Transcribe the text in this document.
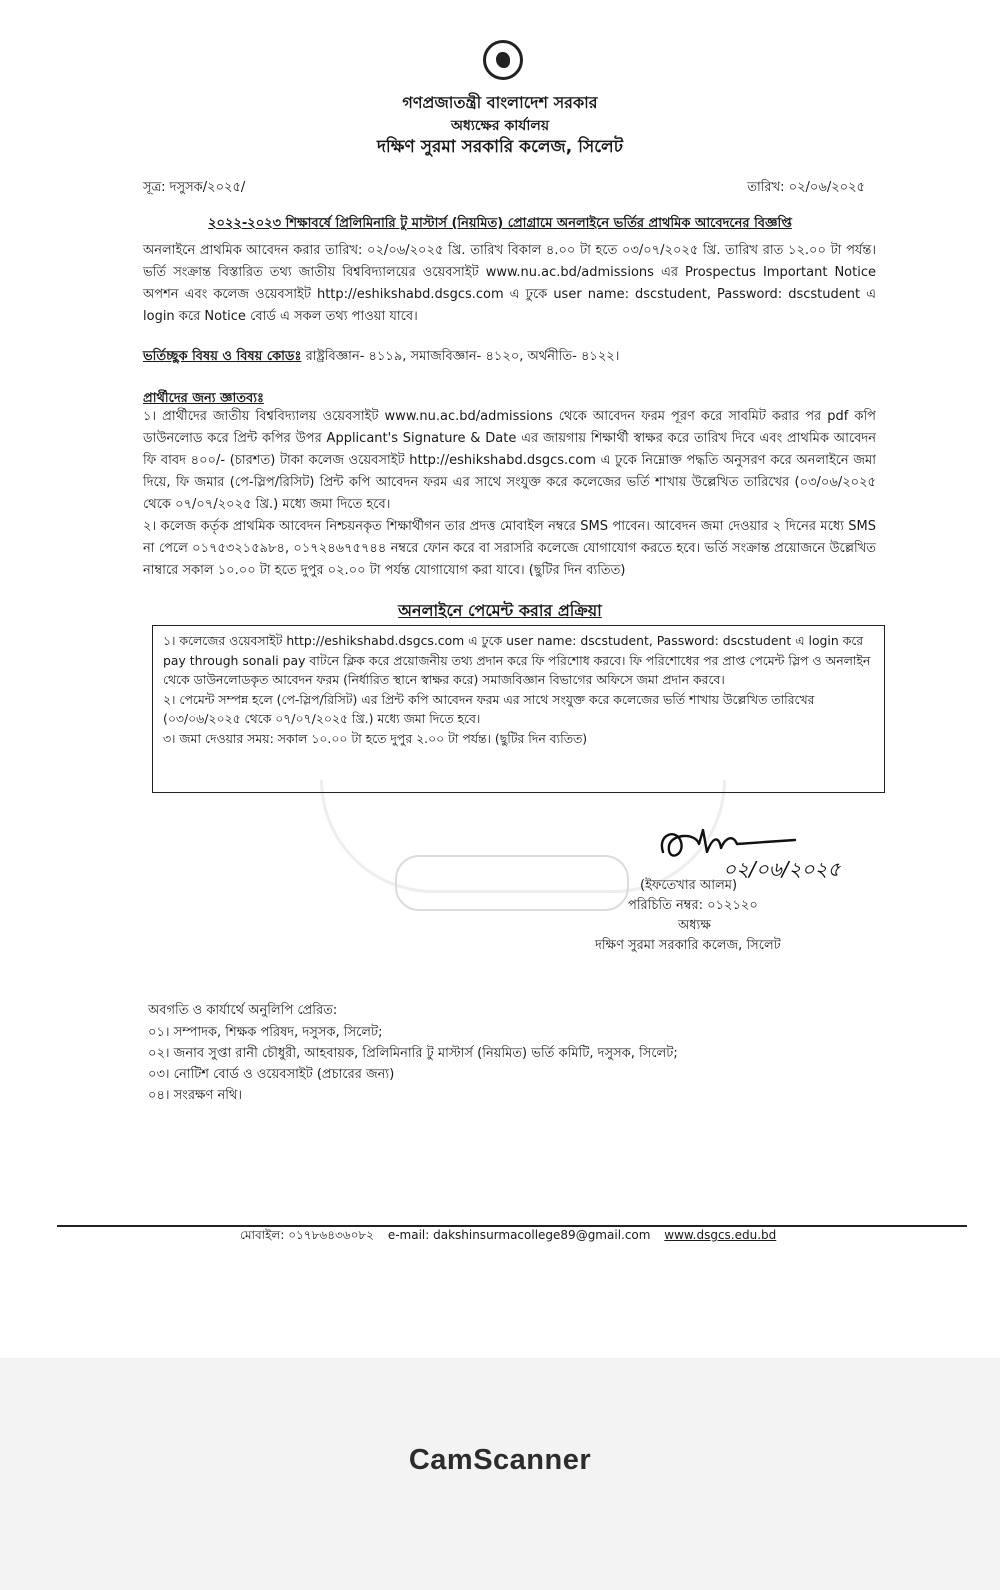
গণপ্রজাতন্ত্রী বাংলাদেশ সরকার
অধ্যক্ষের কার্যালয়
দক্ষিণ সুরমা সরকারি কলেজ, সিলেট
সূত্র: দসুসক/২০২৫/	তারিখ: ০২/০৬/২০২৫
২০২২-২০২৩ শিক্ষাবর্ষে প্রিলিমিনারি টু মাস্টার্স (নিয়মিত) প্রোগ্রামে অনলাইনে ভর্তির প্রাথমিক আবেদনের বিজ্ঞপ্তি
অনলাইনে প্রাথমিক আবেদন করার তারিখ: ০২/০৬/২০২৫ খ্রি. তারিখ বিকাল ৪.০০ টা হতে ০৩/০৭/২০২৫ খ্রি. তারিখ রাত ১২.০০ টা পর্যন্ত। ভর্তি সংক্রান্ত বিস্তারিত তথ্য জাতীয় বিশ্ববিদ্যালয়ের ওয়েবসাইট www.nu.ac.bd/admissions এর Prospectus Important Notice অপশন এবং কলেজ ওয়েবসাইট http://eshikshabd.dsgcs.com এ ঢুকে user name: dscstudent, Password: dscstudent এ login করে Notice বোর্ড এ সকল তথ্য পাওয়া যাবে।
ভর্তিচ্ছুক বিষয় ও বিষয় কোডঃ রাষ্ট্রবিজ্ঞান- ৪১১৯, সমাজবিজ্ঞান- ৪১২০, অর্থনীতি- ৪১২২।
প্রার্থীদের জন্য জ্ঞাতব্যঃ

১। প্রার্থীদের জাতীয় বিশ্ববিদ্যালয় ওয়েবসাইট www.nu.ac.bd/admissions থেকে আবেদন ফরম পূরণ করে সাবমিট করার পর pdf কপি ডাউনলোড করে প্রিন্ট কপির উপর Applicant's Signature & Date এর জায়গায় শিক্ষার্থী স্বাক্ষর করে তারিখ দিবে এবং প্রাথমিক আবেদন ফি বাবদ ৪০০/- (চারশত) টাকা কলেজ ওয়েবসাইট http://eshikshabd.dsgcs.com এ ঢুকে নিম্নোক্ত পদ্ধতি অনুসরণ করে অনলাইনে জমা দিয়ে, ফি জমার (পে-স্লিপ/রিসিট) প্রিন্ট কপি আবেদন ফরম এর সাথে সংযুক্ত করে কলেজের ভর্তি শাখায় উল্লেখিত তারিখের (০৩/০৬/২০২৫ থেকে ০৭/০৭/২০২৫ খ্রি.) মধ্যে জমা দিতে হবে।

২। কলেজ কর্তৃক প্রাথমিক আবেদন নিশ্চয়নকৃত শিক্ষার্থীগন তার প্রদত্ত মোবাইল নম্বরে SMS পাবেন। আবেদন জমা দেওয়ার ২ দিনের মধ্যে SMS না পেলে ০১৭৫৩২১৫৯৮৪, ০১৭২৪৬৭৫৭৪৪ নম্বরে ফোন করে বা সরাসরি কলেজে যোগাযোগ করতে হবে। ভর্তি সংক্রান্ত প্রয়োজনে উল্লেখিত নাম্বারে সকাল ১০.০০ টা হতে দুপুর ০২.০০ টা পর্যন্ত যোগাযোগ করা যাবে। (ছুটির দিন ব্যতিত)

অনলাইনে পেমেন্ট করার প্রক্রিয়া

১। কলেজের ওয়েবসাইট http://eshikshabd.dsgcs.com এ ঢুকে user name: dscstudent, Password: dscstudent এ login করে pay through sonali pay বাটনে ক্লিক করে প্রয়োজনীয় তথ্য প্রদান করে ফি পরিশোধ করবে। ফি পরিশোধের পর প্রাপ্ত পেমেন্ট স্লিপ ও অনলাইন থেকে ডাউনলোডকৃত আবেদন ফরম (নির্ধারিত স্থানে স্বাক্ষর করে) সমাজবিজ্ঞান বিভাগের অফিসে জমা প্রদান করবে।

২। পেমেন্ট সম্পন্ন হলে (পে-স্লিপ/রিসিট) এর প্রিন্ট কপি আবেদন ফরম এর সাথে সংযুক্ত করে কলেজের ভর্তি শাখায় উল্লেখিত তারিখের (০৩/০৬/২০২৫ থেকে ০৭/০৭/২০২৫ খ্রি.) মধ্যে জমা দিতে হবে।

৩। জমা দেওয়ার সময়: সকাল ১০.০০ টা হতে দুপুর ২.০০ টা পর্যন্ত। (ছুটির দিন ব্যতিত)

০২/০৬/২০২৫
(ইফতেখার আলম)
পরিচিতি নম্বর: ০১২১২০
অধ্যক্ষ
দক্ষিণ সুরমা সরকারি কলেজ, সিলেট
অবগতি ও কার্যার্থে অনুলিপি প্রেরিত:
০১। সম্পাদক, শিক্ষক পরিষদ, দসুসক, সিলেট;
০২। জনাব সুপ্তা রানী চৌধুরী, আহবায়ক, প্রিলিমিনারি টু মাস্টার্স (নিয়মিত) ভর্তি কমিটি, দসুসক, সিলেট;
০৩। নোটিশ বোর্ড ও ওয়েবসাইট (প্রচারের জন্য)
০৪। সংরক্ষণ নথি।
মোবাইল: ০১৭৮৬৪৩৬০৮২ e-mail: dakshinsurmacollege89@gmail.com www.dsgcs.edu.bd
CamScanner
